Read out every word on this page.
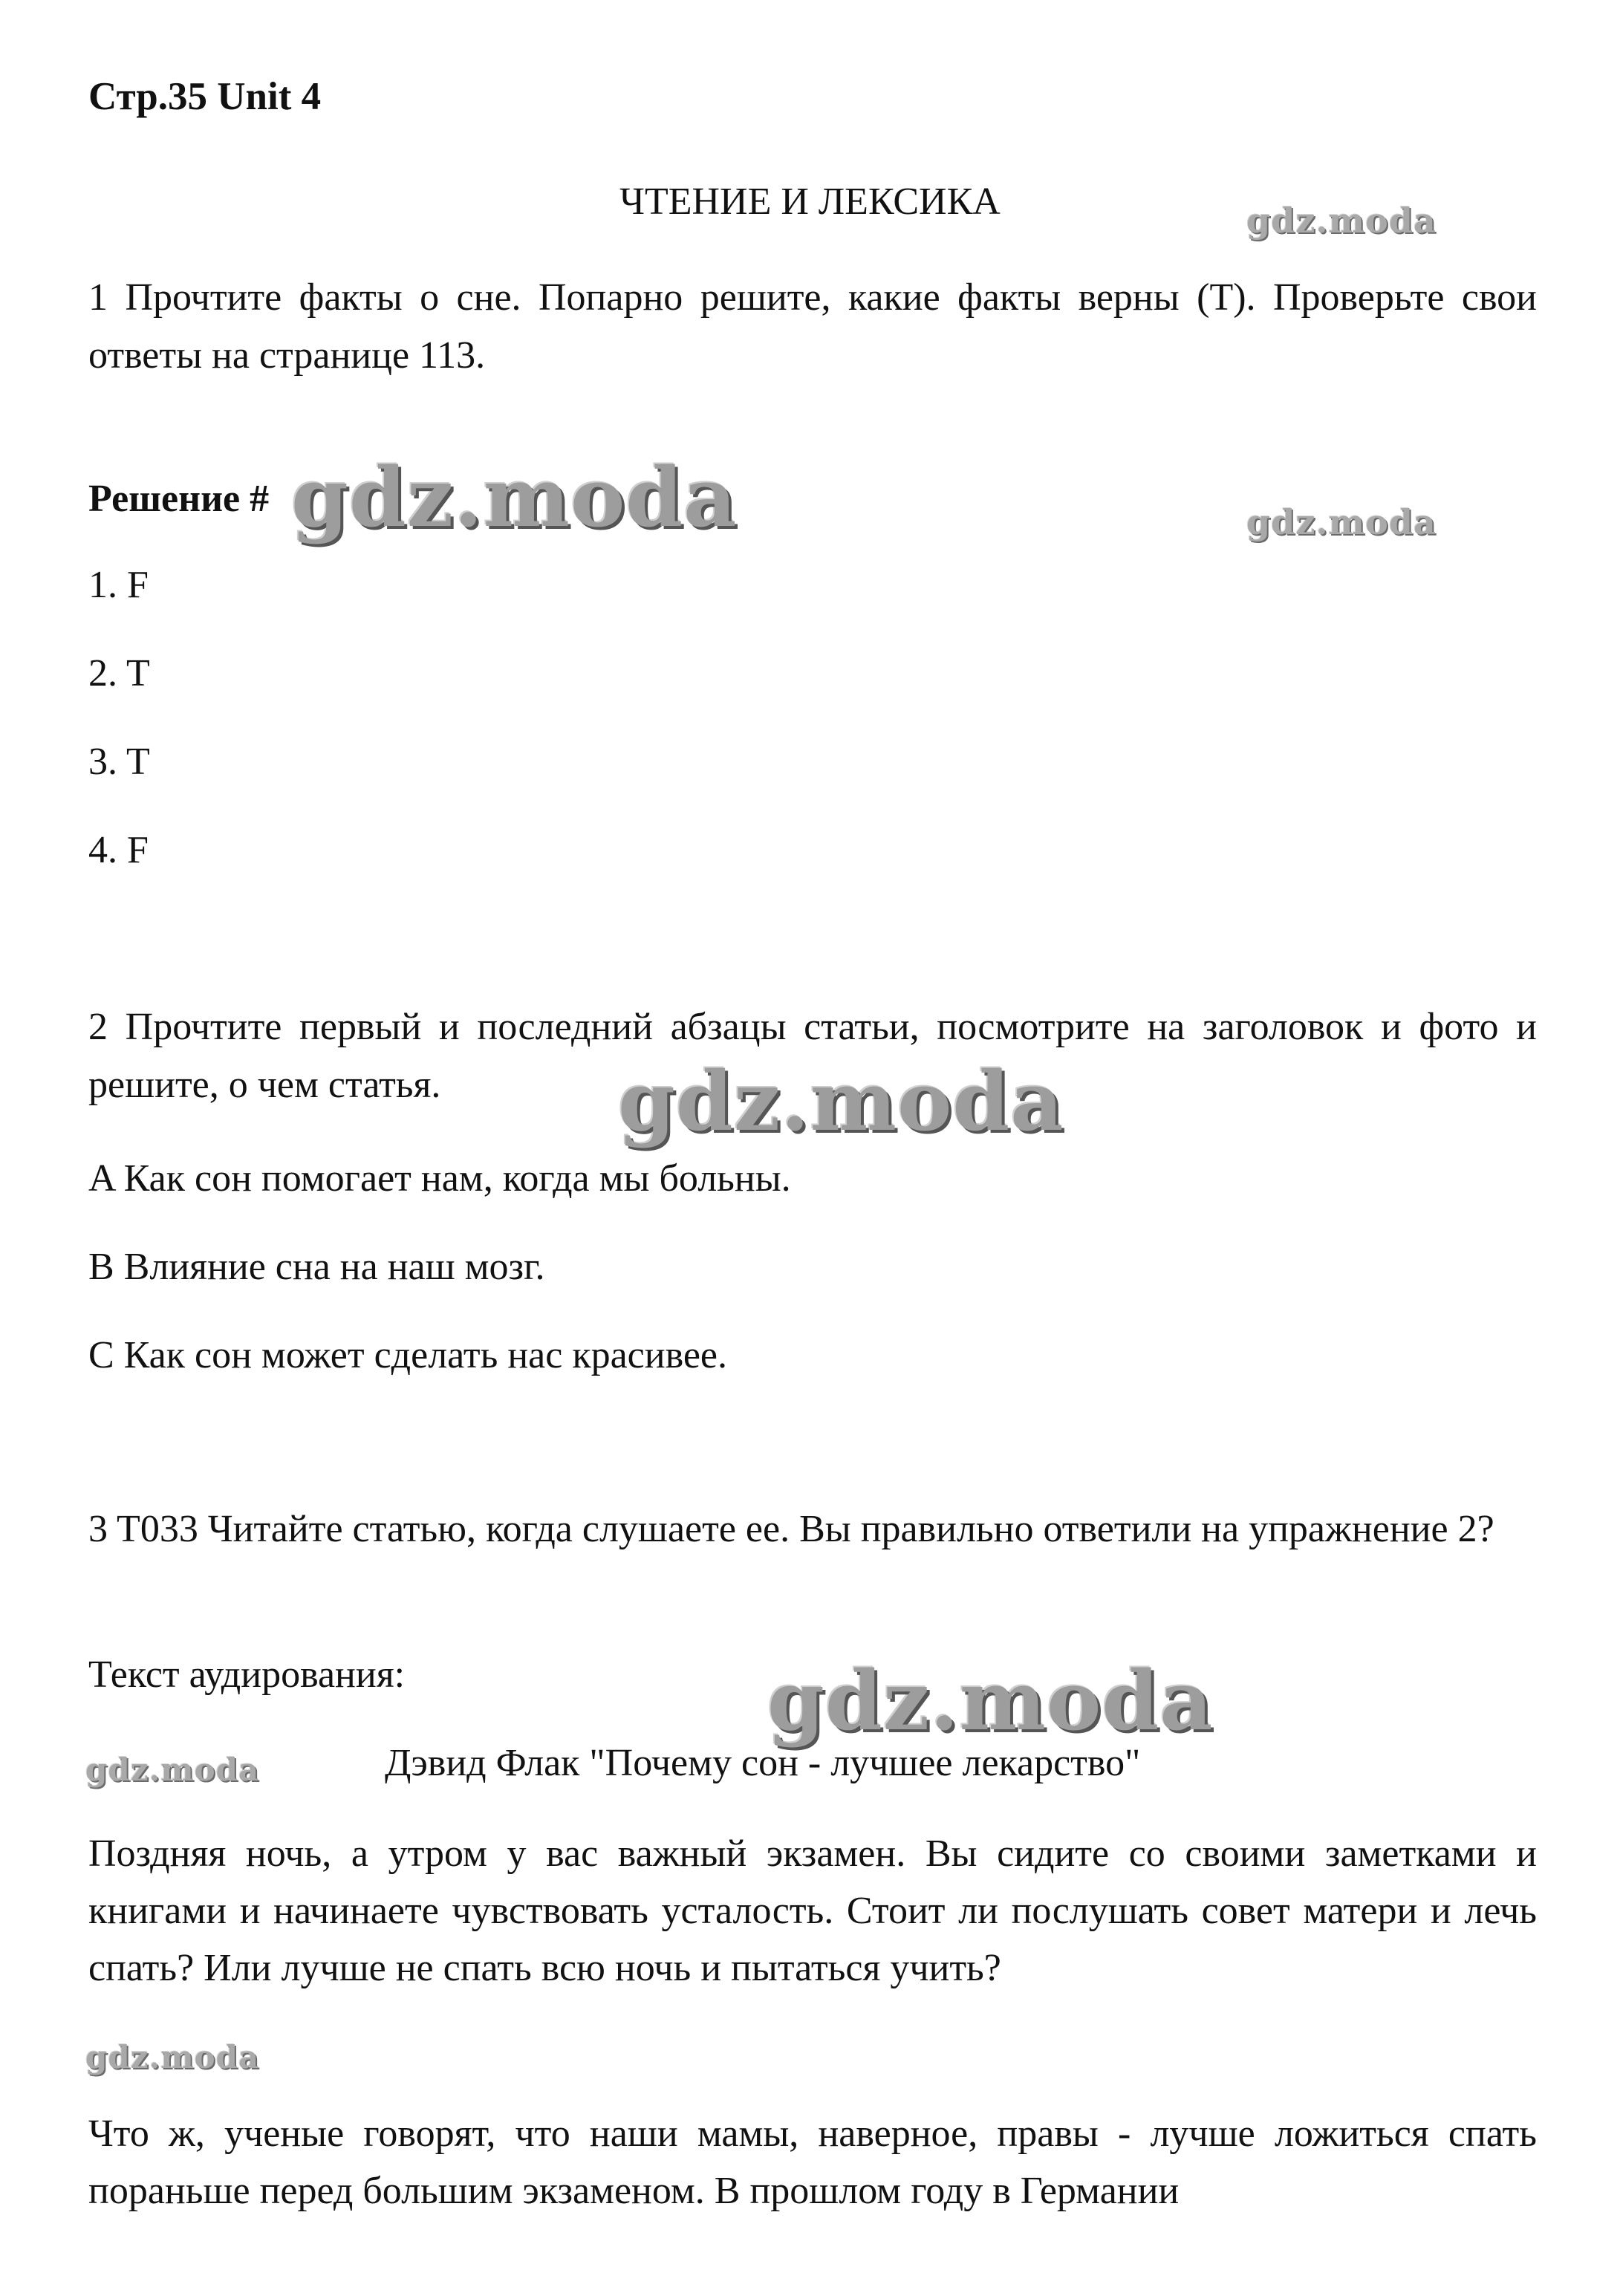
Стр.35 Unit 4
ЧТЕНИЕ И ЛЕКСИКА
1 Прочтите факты о сне. Попарно решите, какие факты верны (T). Проверьте свои ответы на странице 113.
Решение #
1. F
2. T
3. T
4. F
2 Прочтите первый и последний абзацы статьи, посмотрите на заголовок и фото и решите, о чем статья.
A Как сон помогает нам, когда мы больны.
B Влияние сна на наш мозг.
C Как сон может сделать нас красивее.
3 T033 Читайте статью, когда слушаете ее. Вы правильно ответили на упражнение 2?
Текст аудирования:
Дэвид Флак "Почему сон - лучшее лекарство"
Поздняя ночь, а утром у вас важный экзамен. Вы сидите со своими заметками и книгами и начинаете чувствовать усталость. Стоит ли послушать совет матери и лечь спать? Или лучше не спать всю ночь и пытаться учить?
Что ж, ученые говорят, что наши мамы, наверное, правы - лучше ложиться спать пораньше перед большим экзаменом. В прошлом году в Германии
gdz.moda
gdz.moda	gdz.moda
gdz.moda
gdz.moda
gdz.moda
gdz.moda
